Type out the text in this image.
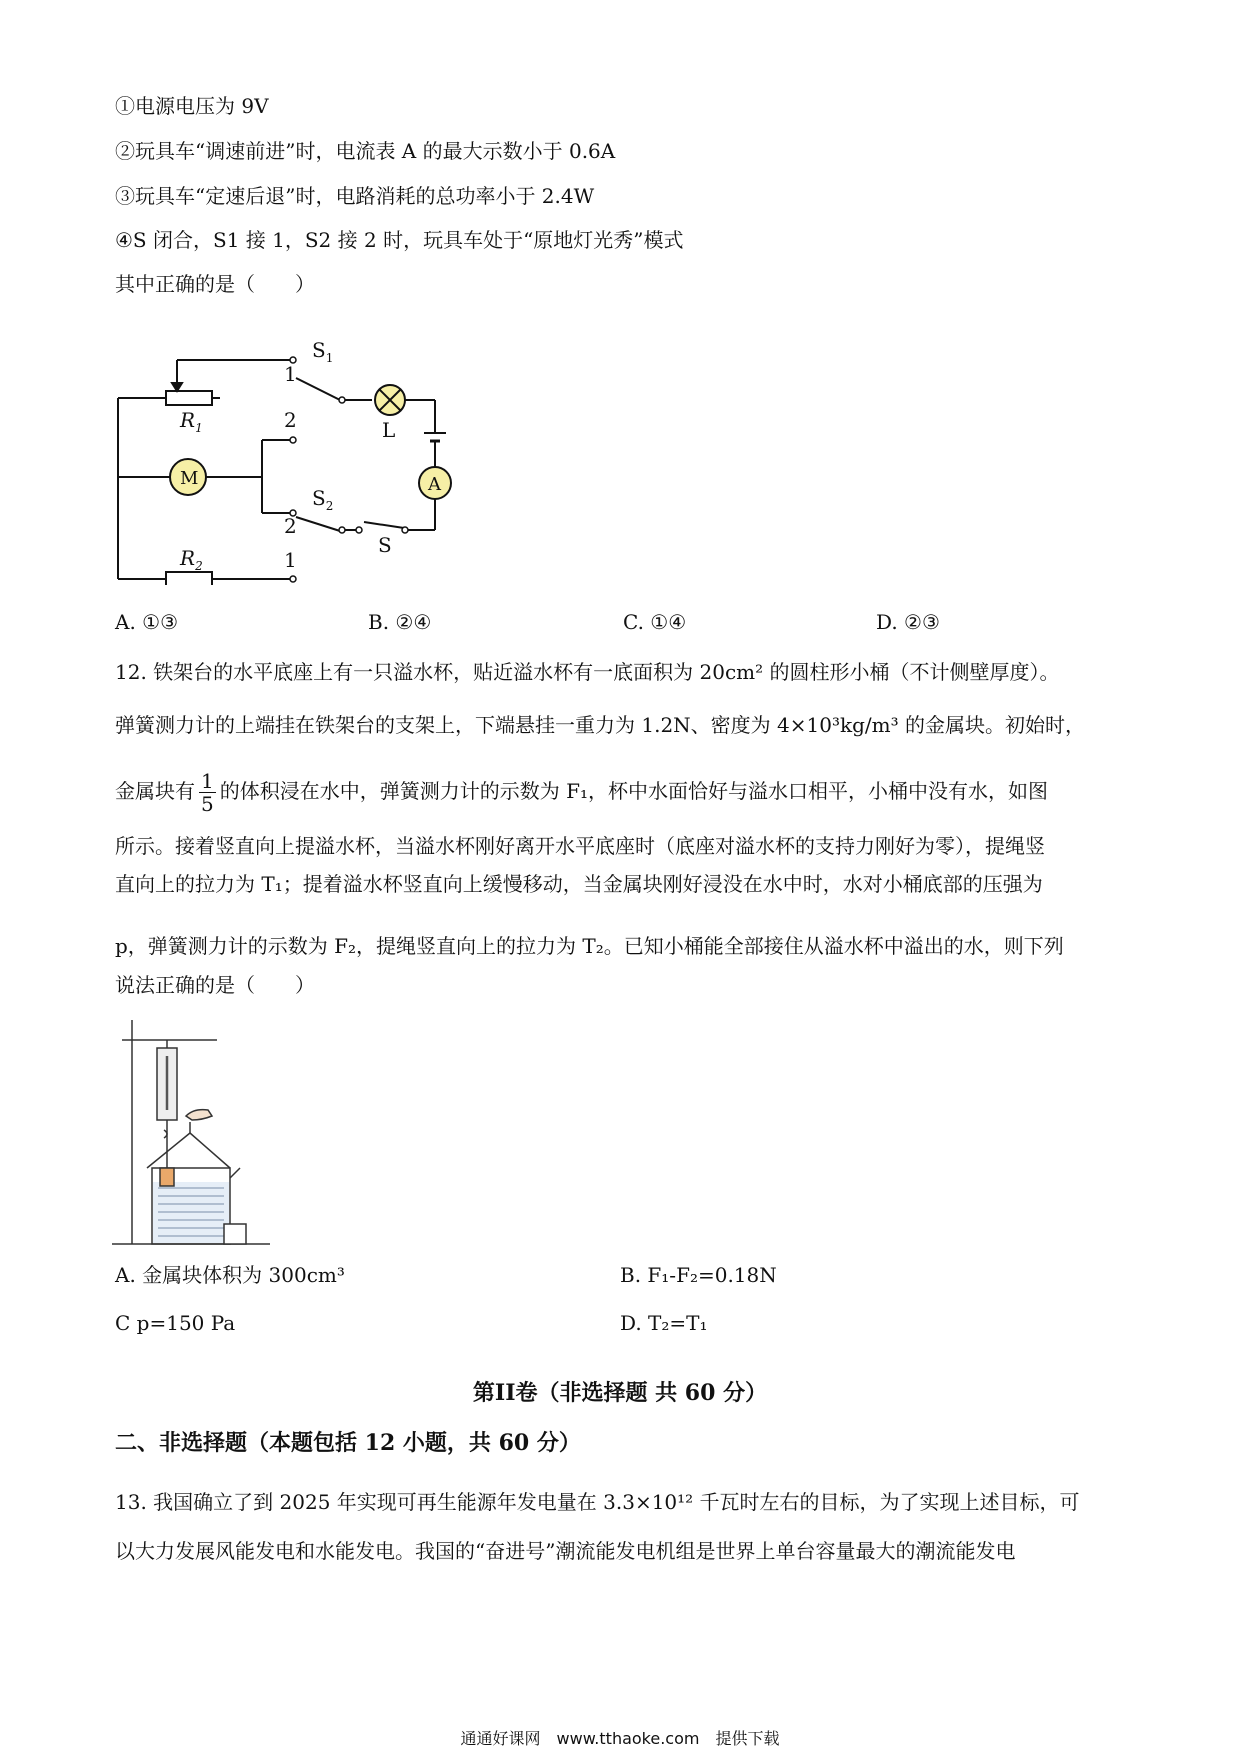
①电源电压为 9V
②玩具车“调速前进”时，电流表 A 的最大示数小于 0.6A
③玩具车“定速后退”时，电路消耗的总功率小于 2.4W
④S 闭合，S1 接 1，S2 接 2 时，玩具车处于“原地灯光秀”模式
其中正确的是（　　）
1
$S_1$
L
$R_1$	2
M	A
2
$S_2$
S
$R_2$	1
A. ①③	B. ②④	C. ①④	D. ②③
12. 铁架台的水平底座上有一只溢水杯，贴近溢水杯有一底面积为 20cm² 的圆柱形小桶（不计侧壁厚度）。
弹簧测力计的上端挂在铁架台的支架上，下端悬挂一重力为 1.2N、密度为 4×10³kg/m³ 的金属块。初始时，
金属块有 $\frac{1}{5}$ 的体积浸在水中，弹簧测力计的示数为 F₁，杯中水面恰好与溢水口相平，小桶中没有水，如图
所示。接着竖直向上提溢水杯，当溢水杯刚好离开水平底座时（底座对溢水杯的支持力刚好为零），提绳竖
直向上的拉力为 T₁；提着溢水杯竖直向上缓慢移动，当金属块刚好浸没在水中时，水对小桶底部的压强为
p，弹簧测力计的示数为 F₂，提绳竖直向上的拉力为 T₂。已知小桶能全部接住从溢水杯中溢出的水，则下列
说法正确的是（　　）
A. 金属块体积为 300cm³	B. F₁-F₂=0.18N
C p=150 Pa	D. T₂=T₁
第II卷（非选择题 共 60 分）
二、非选择题（本题包括 12 小题，共 60 分）
13. 我国确立了到 2025 年实现可再生能源年发电量在 3.3×10¹² 千瓦时左右的目标，为了实现上述目标，可
以大力发展风能发电和水能发电。我国的“奋进号”潮流能发电机组是世界上单台容量最大的潮流能发电
通通好课网　www.tthaoke.com　提供下载
